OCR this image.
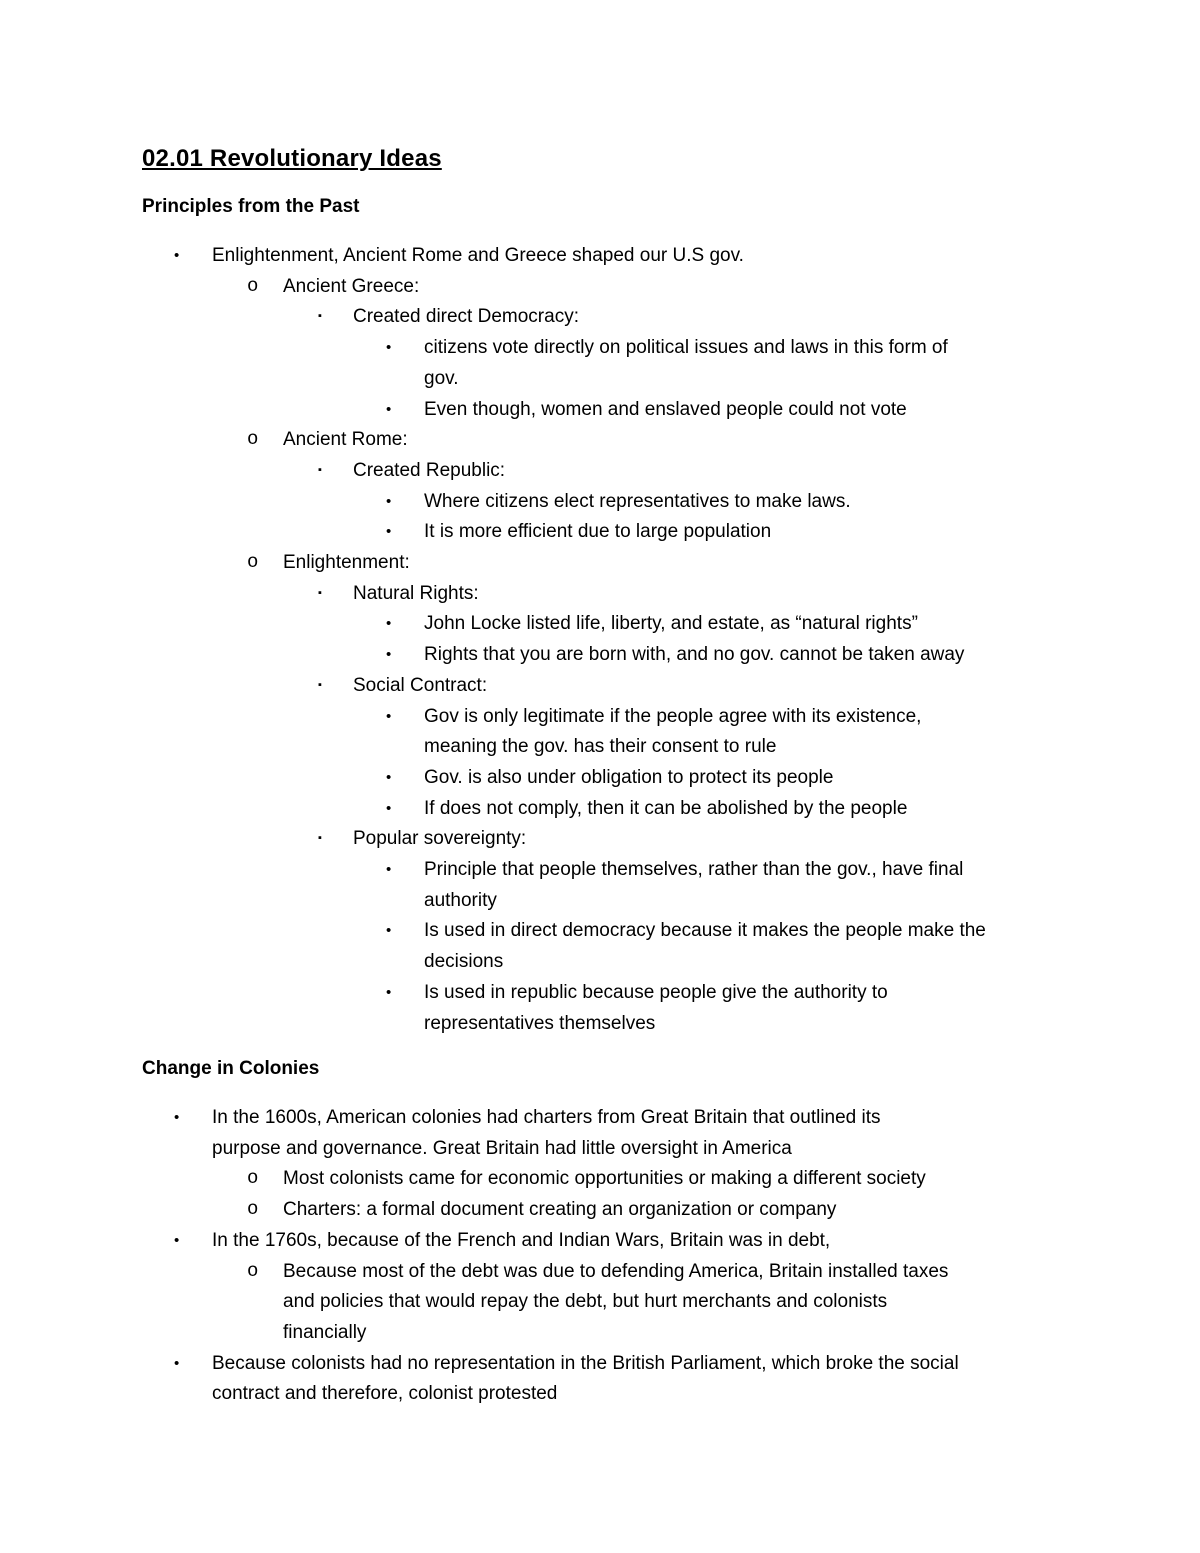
02.01 Revolutionary Ideas
Principles from the Past
• Enlightenment, Ancient Rome and Greece shaped our U.S gov.
o Ancient Greece:
▪ Created direct Democracy:
• citizens vote directly on political issues and laws in this form of
gov.
• Even though, women and enslaved people could not vote
o Ancient Rome:
▪ Created Republic:
• Where citizens elect representatives to make laws.
• It is more efficient due to large population
o Enlightenment:
▪ Natural Rights:
• John Locke listed life, liberty, and estate, as “natural rights”
• Rights that you are born with, and no gov. cannot be taken away
▪ Social Contract:
• Gov is only legitimate if the people agree with its existence,
meaning the gov. has their consent to rule
• Gov. is also under obligation to protect its people
• If does not comply, then it can be abolished by the people
▪ Popular sovereignty:
• Principle that people themselves, rather than the gov., have final
authority
• Is used in direct democracy because it makes the people make the
decisions
• Is used in republic because people give the authority to
representatives themselves
Change in Colonies
• In the 1600s, American colonies had charters from Great Britain that outlined its
purpose and governance. Great Britain had little oversight in America
o Most colonists came for economic opportunities or making a different society
o Charters: a formal document creating an organization or company
• In the 1760s, because of the French and Indian Wars, Britain was in debt,
o Because most of the debt was due to defending America, Britain installed taxes
and policies that would repay the debt, but hurt merchants and colonists
financially
• Because colonists had no representation in the British Parliament, which broke the social
contract and therefore, colonist protested
